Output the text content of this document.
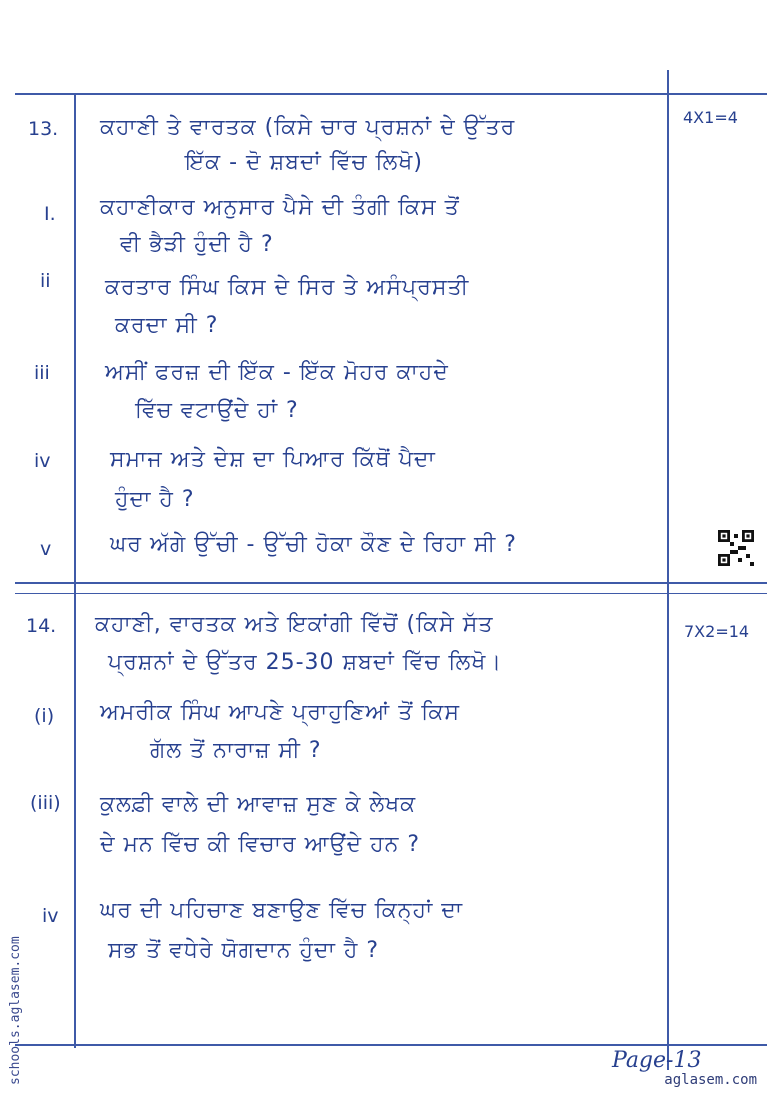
13.
4X1=4
ਕਹਾਣੀ ਤੇ ਵਾਰਤਕ (ਕਿਸੇ ਚਾਰ ਪ੍ਰਸ਼ਨਾਂ ਦੇ ਉੱਤਰ
ਇੱਕ - ਦੋ ਸ਼ਬਦਾਂ ਵਿੱਚ ਲਿਖੋ)
I. ਕਹਾਣੀਕਾਰ ਅਨੁਸਾਰ ਪੈਸੇ ਦੀ ਤੰਗੀ ਕਿਸ ਤੋਂ
ਵੀ ਭੈੜੀ ਹੁੰਦੀ ਹੈ ?
ii ਕਰਤਾਰ ਸਿੰਘ ਕਿਸ ਦੇ ਸਿਰ ਤੇ ਅਸੰਪ੍ਰਸਤੀ
ਕਰਦਾ ਸੀ ?
iii	ਅਸੀਂ ਫਰਜ਼ ਦੀ ਇੱਕ - ਇੱਕ ਮੋਹਰ ਕਾਹਦੇ
ਵਿੱਚ ਵਟਾਉਂਦੇ ਹਾਂ ?
iv	ਸਮਾਜ ਅਤੇ ਦੇਸ਼ ਦਾ ਪਿਆਰ ਕਿੱਥੋਂ ਪੈਦਾ
ਹੁੰਦਾ ਹੈ ?
v	ਘਰ ਅੱਗੇ ਉੱਚੀ - ਉੱਚੀ ਹੋਕਾ ਕੌਣ ਦੇ ਰਿਹਾ ਸੀ ?
14.	7X2=14
ਕਹਾਣੀ, ਵਾਰਤਕ ਅਤੇ ਇਕਾਂਗੀ ਵਿੱਚੋਂ (ਕਿਸੇ ਸੱਤ
ਪ੍ਰਸ਼ਨਾਂ ਦੇ ਉੱਤਰ 25-30 ਸ਼ਬਦਾਂ ਵਿੱਚ ਲਿਖੋ।
(i) ਅਮਰੀਕ ਸਿੰਘ ਆਪਣੇ ਪ੍ਰਾਹੁਣਿਆਂ ਤੋਂ ਕਿਸ
ਗੱਲ ਤੋਂ ਨਾਰਾਜ਼ ਸੀ ?
(iii) ਕੁਲਫ਼ੀ ਵਾਲੇ ਦੀ ਆਵਾਜ਼ ਸੁਣ ਕੇ ਲੇਖਕ
ਦੇ ਮਨ ਵਿੱਚ ਕੀ ਵਿਚਾਰ ਆਉਂਦੇ ਹਨ ?
iv ਘਰ ਦੀ ਪਹਿਚਾਣ ਬਣਾਉਣ ਵਿੱਚ ਕਿਨ੍ਹਾਂ ਦਾ
ਸਭ ਤੋਂ ਵਧੇਰੇ ਯੋਗਦਾਨ ਹੁੰਦਾ ਹੈ ?
Page-13
aglasem.com
schools.aglasem.com
